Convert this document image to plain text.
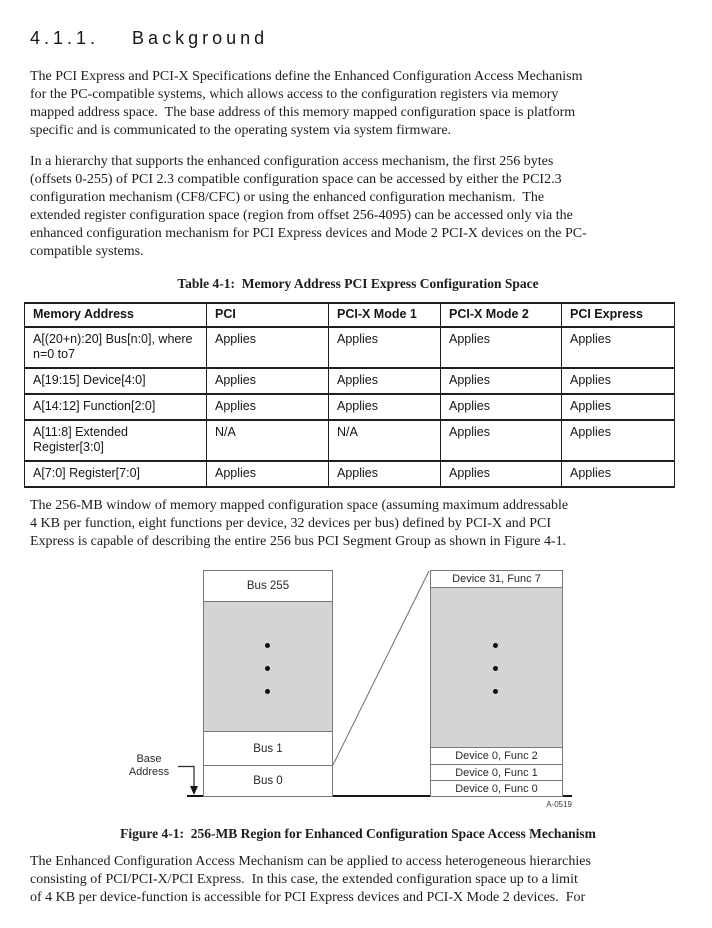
4.1.1. Background
The PCI Express and PCI-X Specifications define the Enhanced Configuration Access Mechanism
for the PC-compatible systems, which allows access to the configuration registers via memory
mapped address space.  The base address of this memory mapped configuration space is platform
specific and is communicated to the operating system via system firmware.
In a hierarchy that supports the enhanced configuration access mechanism, the first 256 bytes
(offsets 0-255) of PCI 2.3 compatible configuration space can be accessed by either the PCI2.3
configuration mechanism (CF8/CFC) or using the enhanced configuration mechanism.  The
extended register configuration space (region from offset 256-4095) can be accessed only via the
enhanced configuration mechanism for PCI Express devices and Mode 2 PCI-X devices on the PC-
compatible systems.
Table 4-1:  Memory Address PCI Express Configuration Space
Memory Address	PCI	PCI-X Mode 1	PCI-X Mode 2	PCI Express
A[(20+n):20] Bus[n:0], where n=0 to7	Applies	Applies	Applies	Applies
A[19:15] Device[4:0]	Applies	Applies	Applies	Applies
A[14:12] Function[2:0]	Applies	Applies	Applies	Applies
A[11:8] Extended Register[3:0]	N/A	N/A	Applies	Applies
A[7:0] Register[7:0]	Applies	Applies	Applies	Applies
The 256-MB window of memory mapped configuration space (assuming maximum addressable
4 KB per function, eight functions per device, 32 devices per bus) defined by PCI-X and PCI
Express is capable of describing the entire 256 bus PCI Segment Group as shown in Figure 4-1.
Bus 255
Bus 1
Bus 0
Device 31, Func 7
Device 0, Func 2
Device 0, Func 1
Device 0, Func 0
Base
Address
A-0519
Figure 4-1:  256-MB Region for Enhanced Configuration Space Access Mechanism
The Enhanced Configuration Access Mechanism can be applied to access heterogeneous hierarchies
consisting of PCI/PCI-X/PCI Express.  In this case, the extended configuration space up to a limit
of 4 KB per device-function is accessible for PCI Express devices and PCI-X Mode 2 devices.  For
